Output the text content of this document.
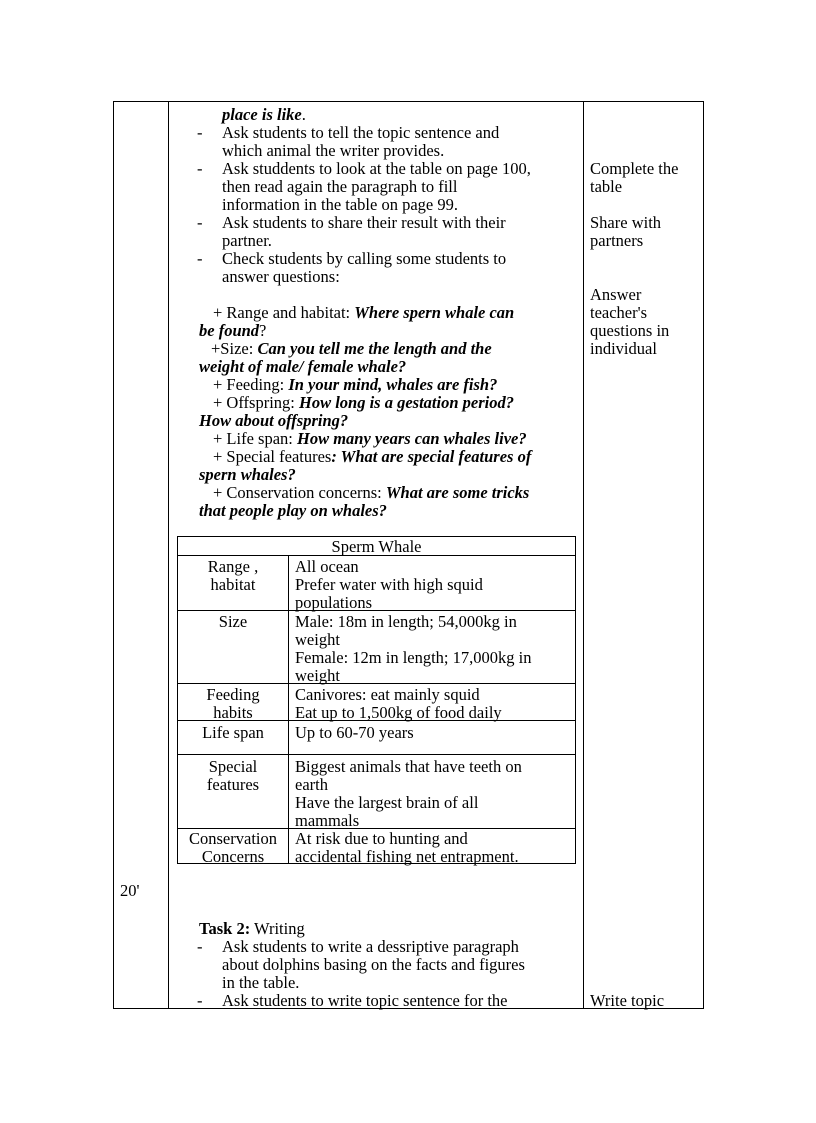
20'
place is like.
- Ask students to tell the topic sentence and
which animal the writer provides.
- Ask studdents to look at the table on page 100,
then read again the paragraph to fill
information in the table on page 99.
- Ask students to share their result with their
partner.
- Check students by calling some students to
answer questions:
+ Range and habitat: Where spern whale can
be found?
+Size: Can you tell me the length and the
weight of male/ female whale?
+ Feeding: In your mind, whales are fish?
+ Offspring: How long is a gestation period?
How about offspring?
+ Life span: How many years can whales live?
+ Special features: What are special features of
spern whales?
+ Conservation concerns: What are some tricks
that people play on whales?
Task 2: Writing
- Ask students to write a dessriptive paragraph
about dolphins basing on the facts and figures
in the table.
- Ask students to write topic sentence for the
Sperm Whale
Range ,
habitat
All ocean
Prefer water with high squid
populations
Size	Male: 18m in length; 54,000kg in
weight
Female: 12m in length; 17,000kg in
weight
Feeding
habits
Canivores: eat mainly squid
Eat up to 1,500kg of food daily
Life span	Up to 60-70 years
Special
features
Biggest animals that have teeth on
earth
Have the largest brain of all
mammals
Conservation
Concerns
At risk due to hunting and
accidental fishing net entrapment.
Complete the
table
Share with
partners
Answer
teacher's
questions in
individual
Write topic
